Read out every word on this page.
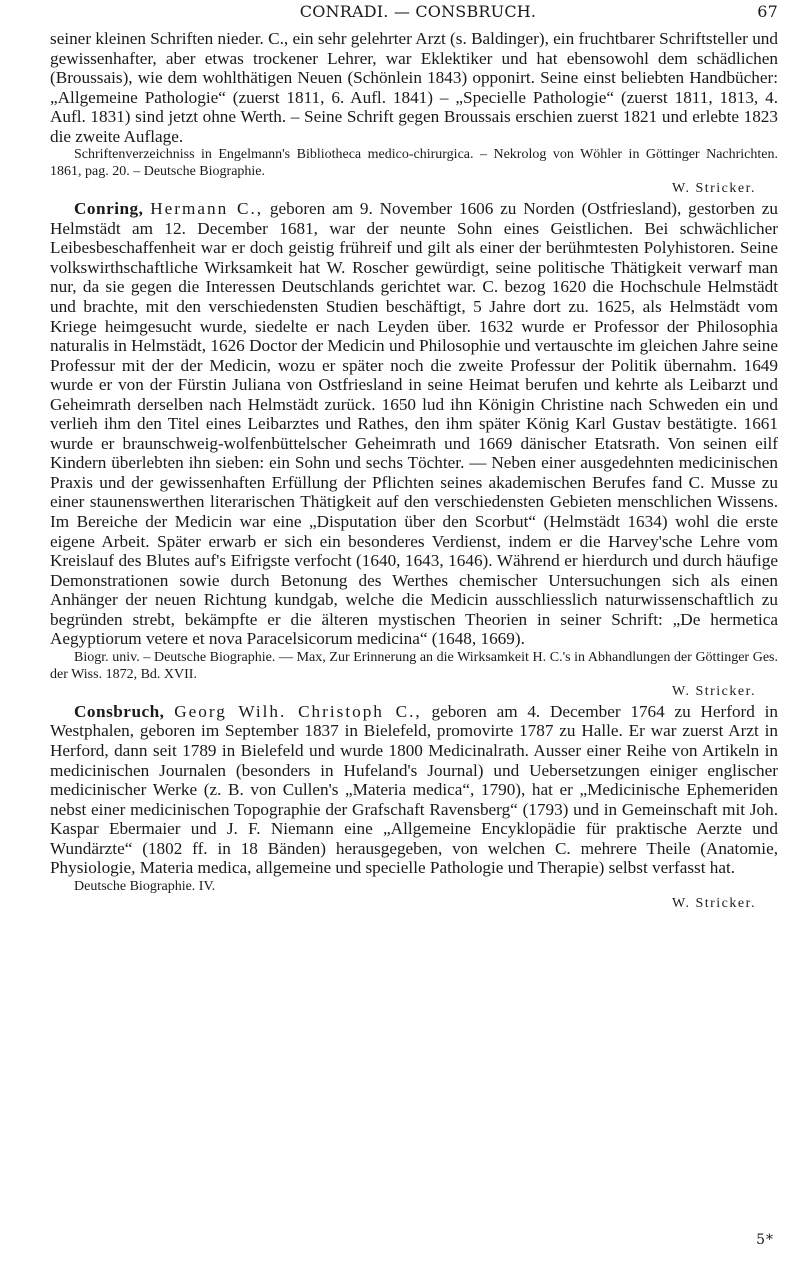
CONRADI. — CONSBRUCH.	67

seiner kleinen Schriften nieder. C., ein sehr gelehrter Arzt (s. Baldinger), ein fruchtbarer Schriftsteller und gewissenhafter, aber etwas trockener Lehrer, war Eklektiker und hat ebensowohl dem schädlichen (Broussais), wie dem wohlthätigen Neuen (Schönlein 1843) opponirt. Seine einst beliebten Handbücher: „Allgemeine Pathologie“ (zuerst 1811, 6. Aufl. 1841) – „Specielle Pathologie“ (zuerst 1811, 1813, 4. Aufl. 1831) sind jetzt ohne Werth. – Seine Schrift gegen Broussais erschien zuerst 1821 und erlebte 1823 die zweite Auflage.

Schriftenverzeichniss in Engelmann's Bibliotheca medico-chirurgica. – Nekrolog von Wöhler in Göttinger Nachrichten. 1861, pag. 20. – Deutsche Biographie.

W. Stricker.

Conring, Hermann C., geboren am 9. November 1606 zu Norden (Ostfriesland), gestorben zu Helmstädt am 12. December 1681, war der neunte Sohn eines Geistlichen. Bei schwächlicher Leibesbeschaffenheit war er doch geistig frühreif und gilt als einer der berühmtesten Polyhistoren. Seine volkswirthschaftliche Wirksamkeit hat W. Roscher gewürdigt, seine politische Thätigkeit verwarf man nur, da sie gegen die Interessen Deutschlands gerichtet war. C. bezog 1620 die Hochschule Helmstädt und brachte, mit den verschiedensten Studien beschäftigt, 5 Jahre dort zu. 1625, als Helmstädt vom Kriege heimgesucht wurde, siedelte er nach Leyden über. 1632 wurde er Professor der Philosophia naturalis in Helmstädt, 1626 Doctor der Medicin und Philosophie und vertauschte im gleichen Jahre seine Professur mit der der Medicin, wozu er später noch die zweite Professur der Politik übernahm. 1649 wurde er von der Fürstin Juliana von Ostfriesland in seine Heimat berufen und kehrte als Leibarzt und Geheimrath derselben nach Helmstädt zurück. 1650 lud ihn Königin Christine nach Schweden ein und verlieh ihm den Titel eines Leibarztes und Rathes, den ihm später König Karl Gustav bestätigte. 1661 wurde er braunschweig-wolfenbüttelscher Geheimrath und 1669 dänischer Etatsrath. Von seinen eilf Kindern überlebten ihn sieben: ein Sohn und sechs Töchter. — Neben einer ausgedehnten medicinischen Praxis und der gewissenhaften Erfüllung der Pflichten seines akademischen Berufes fand C. Musse zu einer staunenswerthen literarischen Thätigkeit auf den verschiedensten Gebieten menschlichen Wissens. Im Bereiche der Medicin war eine „Disputation über den Scorbut“ (Helmstädt 1634) wohl die erste eigene Arbeit. Später erwarb er sich ein besonderes Verdienst, indem er die Harvey'sche Lehre vom Kreislauf des Blutes auf's Eifrigste verfocht (1640, 1643, 1646). Während er hierdurch und durch häufige Demonstrationen sowie durch Betonung des Werthes chemischer Untersuchungen sich als einen Anhänger der neuen Richtung kundgab, welche die Medicin ausschliesslich naturwissenschaftlich zu begründen strebt, bekämpfte er die älteren mystischen Theorien in seiner Schrift: „De hermetica Aegyptiorum vetere et nova Paracelsicorum medicina“ (1648, 1669).

Biogr. univ. – Deutsche Biographie. — Max, Zur Erinnerung an die Wirksamkeit H. C.'s in Abhandlungen der Göttinger Ges. der Wiss. 1872, Bd. XVII.

W. Stricker.

Consbruch, Georg Wilh. Christoph C., geboren am 4. December 1764 zu Herford in Westphalen, geboren im September 1837 in Bielefeld, promovirte 1787 zu Halle. Er war zuerst Arzt in Herford, dann seit 1789 in Bielefeld und wurde 1800 Medicinalrath. Ausser einer Reihe von Artikeln in medicinischen Journalen (besonders in Hufeland's Journal) und Uebersetzungen einiger englischer medicinischer Werke (z. B. von Cullen's „Materia medica“, 1790), hat er „Medicinische Ephemeriden nebst einer medicinischen Topographie der Grafschaft Ravensberg“ (1793) und in Gemeinschaft mit Joh. Kaspar Ebermaier und J. F. Niemann eine „Allgemeine Encyklopädie für praktische Aerzte und Wundärzte“ (1802 ff. in 18 Bänden) herausgegeben, von welchen C. mehrere Theile (Anatomie, Physiologie, Materia medica, allgemeine und specielle Pathologie und Therapie) selbst verfasst hat.

Deutsche Biographie. IV.

W. Stricker.

5*
